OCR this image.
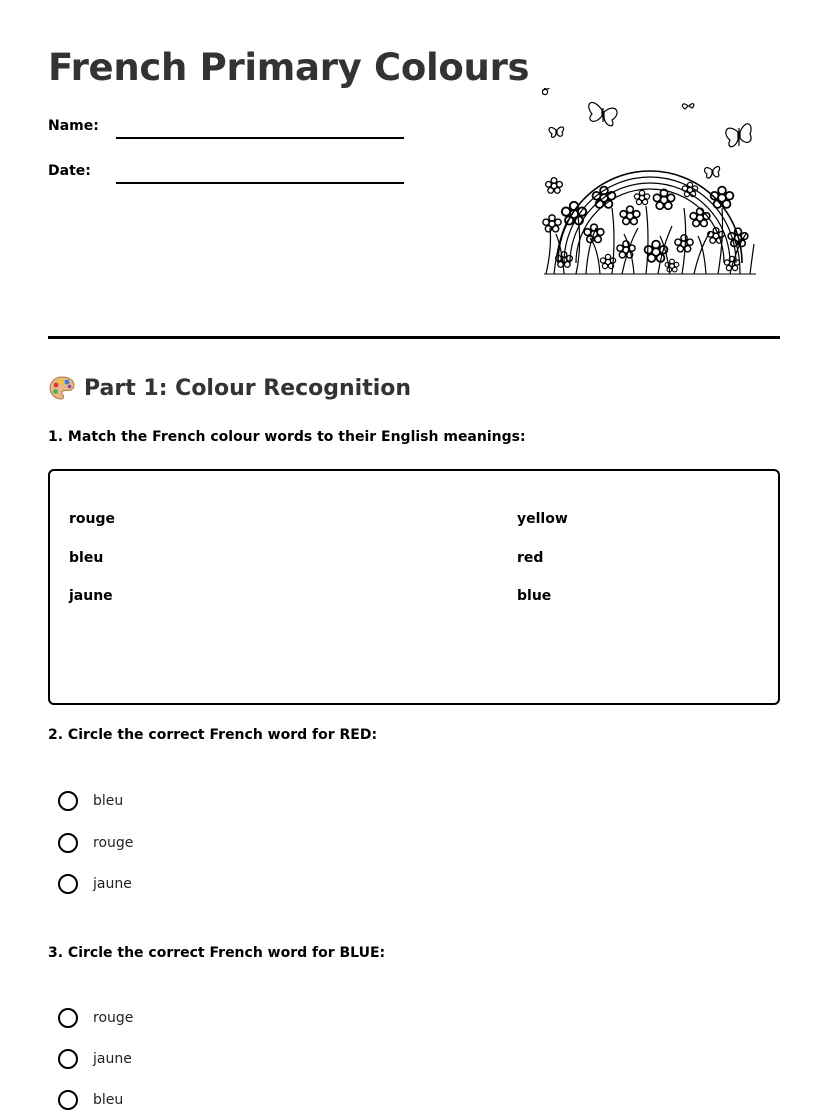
French Primary Colours
Name:
Date:
Part 1: Colour Recognition
1. Match the French colour words to their English meanings:
rouge
bleu
jaune
yellow
red
blue
2. Circle the correct French word for RED:
bleu
rouge
jaune
3. Circle the correct French word for BLUE:
rouge
jaune
bleu
